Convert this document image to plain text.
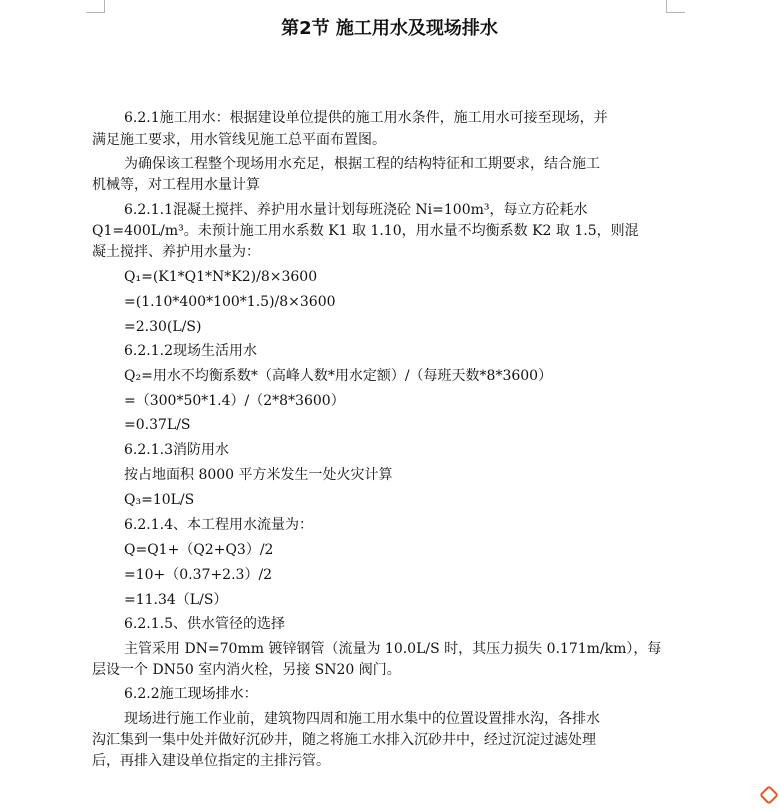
第2节 施工用水及现场排水
6.2.1施工用水：根据建设单位提供的施工用水条件，施工用水可接至现场，并
满足施工要求，用水管线见施工总平面布置图。
为确保该工程整个现场用水充足，根据工程的结构特征和工期要求，结合施工
机械等，对工程用水量计算
6.2.1.1混凝土搅拌、养护用水量计划每班浇砼 Ni=100m³，每立方砼耗水
Q1=400L/m³。未预计施工用水系数 K1 取 1.10，用水量不均衡系数 K2 取 1.5，则混
凝土搅拌、养护用水量为：
Q₁=(K1*Q1*N*K2)/8×3600
=(1.10*400*100*1.5)/8×3600
=2.30(L/S)
6.2.1.2现场生活用水
Q₂=用水不均衡系数*（高峰人数*用水定额）/（每班天数*8*3600）
=（300*50*1.4）/（2*8*3600）
=0.37L/S
6.2.1.3消防用水
按占地面积 8000 平方米发生一处火灾计算
Q₃=10L/S
6.2.1.4、本工程用水流量为：
Q=Q1+（Q2+Q3）/2
=10+（0.37+2.3）/2
=11.34（L/S）
6.2.1.5、供水管径的选择
主管采用 DN=70mm 镀锌钢管（流量为 10.0L/S 时，其压力损失 0.171m/km），每
层设一个 DN50 室内消火栓，另接 SN20 阀门。
6.2.2施工现场排水：
现场进行施工作业前，建筑物四周和施工用水集中的位置设置排水沟，各排水
沟汇集到一集中处并做好沉砂井，随之将施工水排入沉砂井中，经过沉淀过滤处理
后，再排入建设单位指定的主排污管。
